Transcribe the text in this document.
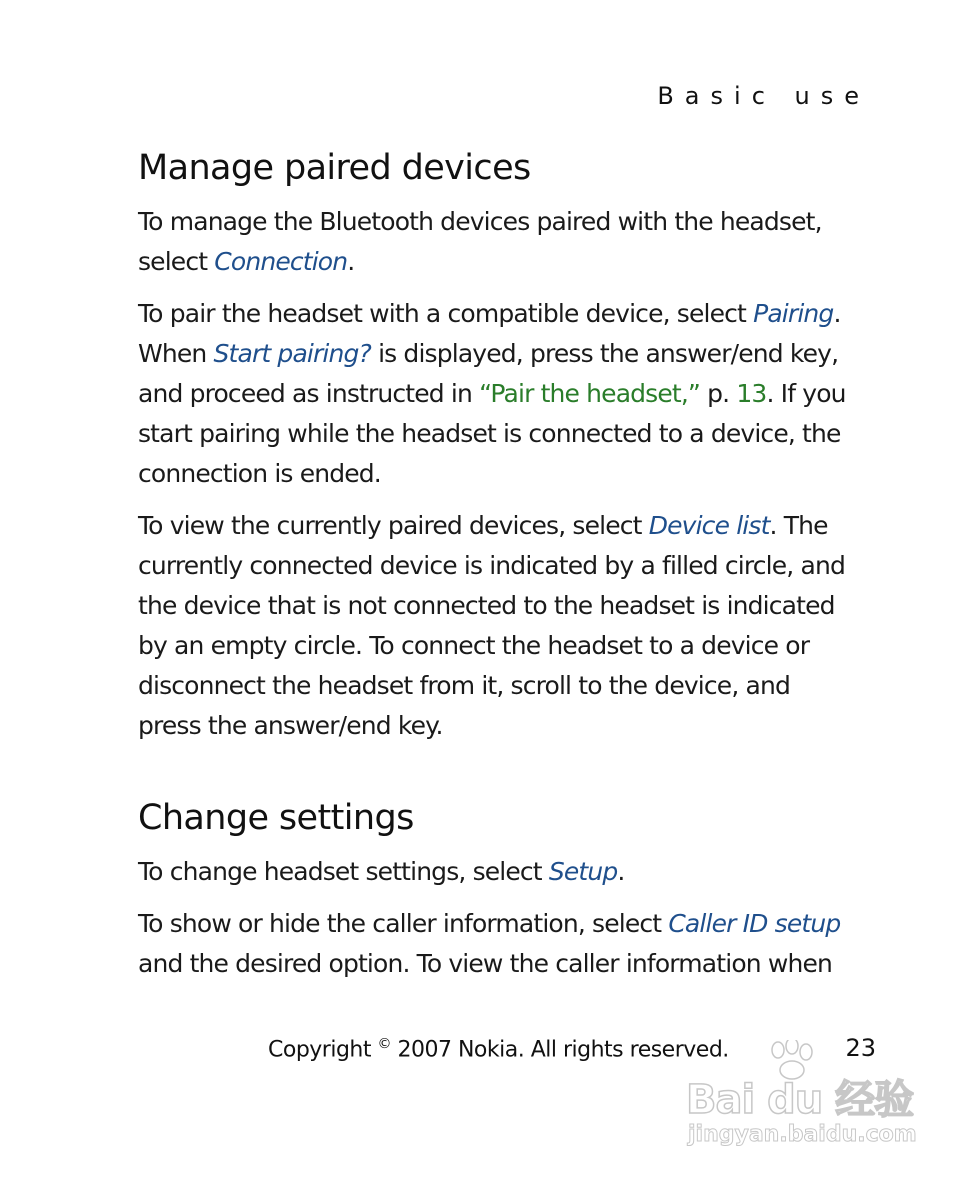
Basic use
Manage paired devices

To manage the Bluetooth devices paired with the headset,
select Connection.

To pair the headset with a compatible device, select Pairing.
When Start pairing? is displayed, press the answer/end key,
and proceed as instructed in “Pair the headset,” p. 13. If you
start pairing while the headset is connected to a device, the
connection is ended.

To view the currently paired devices, select Device list. The
currently connected device is indicated by a filled circle, and
the device that is not connected to the headset is indicated
by an empty circle. To connect the headset to a device or
disconnect the headset from it, scroll to the device, and
press the answer/end key.

Change settings

To change headset settings, select Setup.

To show or hide the caller information, select Caller ID setup
and the desired option. To view the caller information when

Copyright © 2007 Nokia. All rights reserved.	23
Bai du 经验
jingyan.baidu.com
